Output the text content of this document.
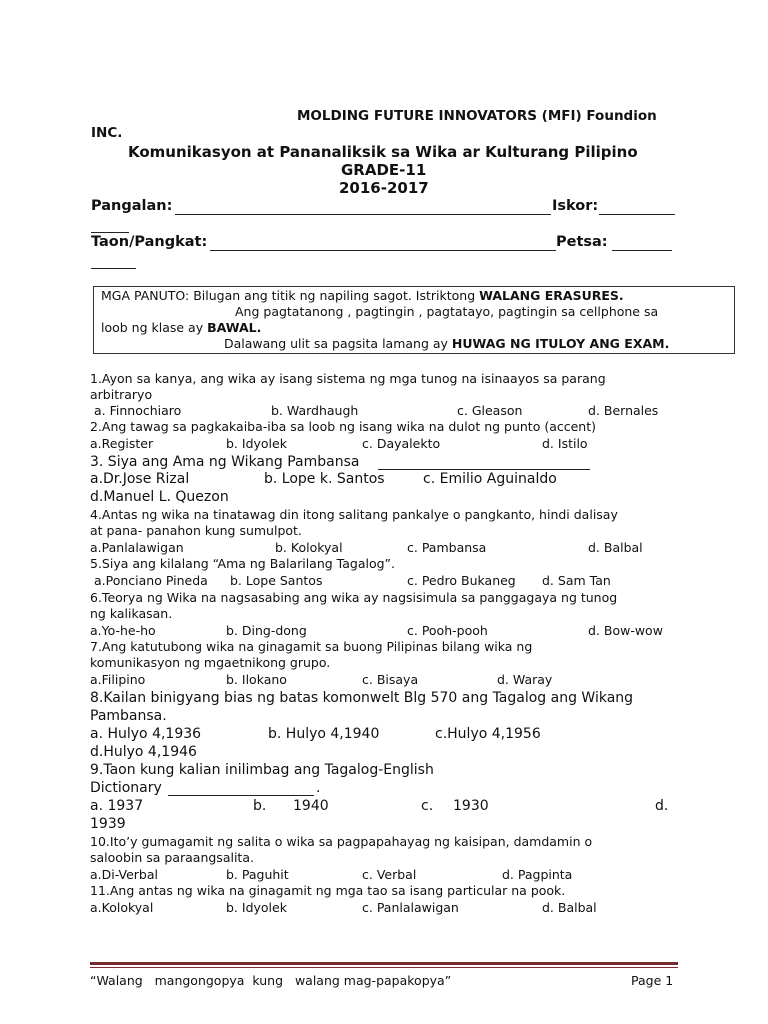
MOLDING FUTURE INNOVATORS (MFI) Foundion
INC.
Komunikasyon at Pananaliksik sa Wika ar Kulturang Pilipino
GRADE-11
2016-2017
Pangalan:	Iskor:
Taon/Pangkat:	Petsa:
MGA PANUTO: Bilugan ang titik ng napiling sagot. Istriktong WALANG ERASURES.
Ang pagtatanong , pagtingin , pagtatayo, pagtingin sa cellphone sa
loob ng klase ay BAWAL.
Dalawang ulit sa pagsita lamang ay HUWAG NG ITULOY ANG EXAM.
1.Ayon sa kanya, ang wika ay isang sistema ng mga tunog na isinaayos sa parang
arbitraryo
a. Finnochiaro	b. Wardhaugh	c. Gleason	d. Bernales
2.Ang tawag sa pagkakaiba-iba sa loob ng isang wika na dulot ng punto (accent)
a.Register	b. Idyolek	c. Dayalekto	d. Istilo
3. Siya ang Ama ng Wikang Pambansa
a.Dr.Jose Rizal	b. Lope k. Santos	c. Emilio Aguinaldo
d.Manuel L. Quezon
4.Antas ng wika na tinatawag din itong salitang pankalye o pangkanto, hindi dalisay
at pana- panahon kung sumulpot.
a.Panlalawigan	b. Kolokyal	c. Pambansa	d. Balbal
5.Siya ang kilalang “Ama ng Balarilang Tagalog”.
a.Ponciano Pineda b. Lope Santos	c. Pedro Bukaneg d. Sam Tan
6.Teorya ng Wika na nagsasabing ang wika ay nagsisimula sa panggagaya ng tunog
ng kalikasan.
a.Yo-he-ho	b. Ding-dong	c. Pooh-pooh	d. Bow-wow
7.Ang katutubong wika na ginagamit sa buong Pilipinas bilang wika ng
komunikasyon ng mgaetnikong grupo.
a.Filipino	b. Ilokano	c. Bisaya	d. Waray
8.Kailan binigyang bias ng batas komonwelt Blg 570 ang Tagalog ang Wikang
Pambansa.
a. Hulyo 4,1936	b. Hulyo 4,1940	c.Hulyo 4,1956
d.Hulyo 4,1946
9.Taon kung kalian inilimbag ang Tagalog-English
Dictionary	.
a. 1937	b. 1940	c. 1930	d.
1939
10.Ito’y gumagamit ng salita o wika sa pagpapahayag ng kaisipan, damdamin o
saloobin sa paraangsalita.
a.Di-Verbal	b. Paguhit	c. Verbal	d. Pagpinta
11.Ang antas ng wika na ginagamit ng mga tao sa isang particular na pook.
a.Kolokyal	b. Idyolek	c. Panlalawigan	d. Balbal
“Walang   mangongopya  kung   walang mag-papakopya”	Page 1
